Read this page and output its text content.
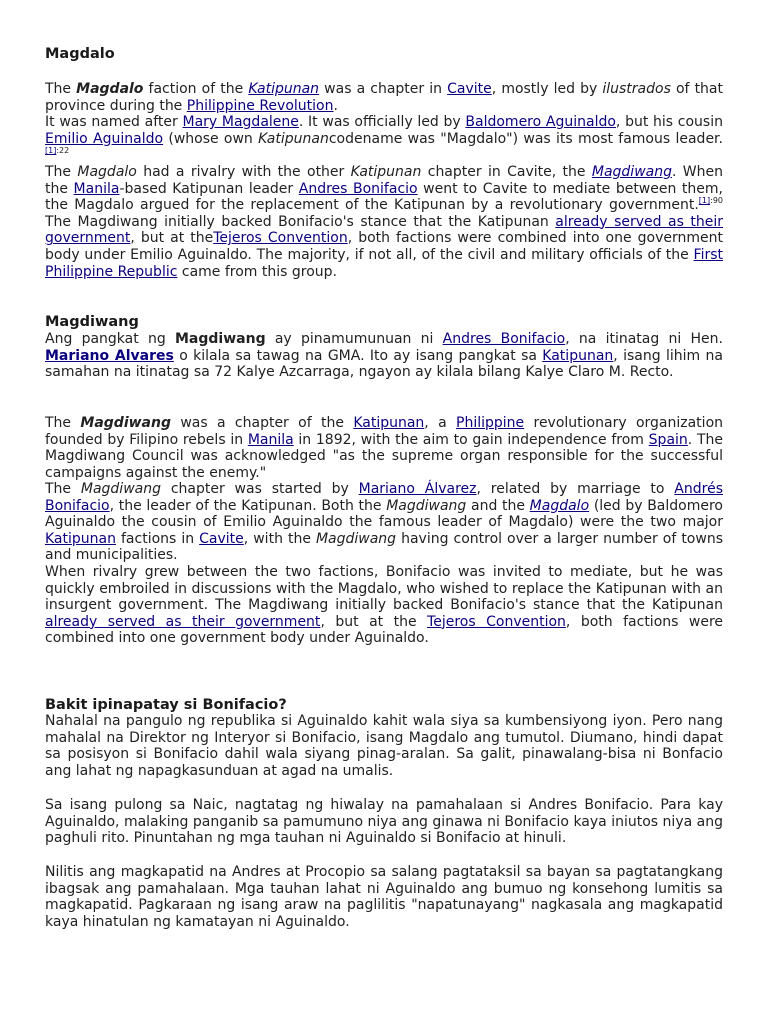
Magdalo

The Magdalo faction of the Katipunan was a chapter in Cavite, mostly led by ilustrados of that province during the Philippine Revolution.

It was named after Mary Magdalene. It was officially led by Baldomero Aguinaldo, but his cousin Emilio Aguinaldo (whose own Katipunancodename was "Magdalo") was its most famous leader.$^{[1]:22}$

The Magdalo had a rivalry with the other Katipunan chapter in Cavite, the Magdiwang. When the Manila-based Katipunan leader Andres Bonifacio went to Cavite to mediate between them, the Magdalo argued for the replacement of the Katipunan by a revolutionary government.$^{[1]:90}$ The Magdiwang initially backed Bonifacio's stance that the Katipunan already served as their government, but at theTejeros Convention, both factions were combined into one government body under Emilio Aguinaldo. The majority, if not all, of the civil and military officials of the First Philippine Republic came from this group.

Magdiwang

Ang pangkat ng Magdiwang ay pinamumunuan ni Andres Bonifacio, na itinatag ni Hen. Mariano Alvares o kilala sa tawag na GMA. Ito ay isang pangkat sa Katipunan, isang lihim na samahan na itinatag sa 72 Kalye Azcarraga, ngayon ay kilala bilang Kalye Claro M. Recto.

The Magdiwang was a chapter of the Katipunan, a Philippine revolutionary organization founded by Filipino rebels in Manila in 1892, with the aim to gain independence from Spain. The Magdiwang Council was acknowledged "as the supreme organ responsible for the successful campaigns against the enemy."

The Magdiwang chapter was started by Mariano Álvarez, related by marriage to Andrés Bonifacio, the leader of the Katipunan. Both the Magdiwang and the Magdalo (led by Baldomero Aguinaldo the cousin of Emilio Aguinaldo the famous leader of Magdalo) were the two major Katipunan factions in Cavite, with the Magdiwang having control over a larger number of towns and municipalities.

When rivalry grew between the two factions, Bonifacio was invited to mediate, but he was quickly embroiled in discussions with the Magdalo, who wished to replace the Katipunan with an insurgent government. The Magdiwang initially backed Bonifacio's stance that the Katipunan already served as their government, but at the Tejeros Convention, both factions were combined into one government body under Aguinaldo.

Bakit ipinapatay si Bonifacio?

Nahalal na pangulo ng republika si Aguinaldo kahit wala siya sa kumbensiyong iyon. Pero nang mahalal na Direktor ng Interyor si Bonifacio, isang Magdalo ang tumutol. Diumano, hindi dapat sa posisyon si Bonifacio dahil wala siyang pinag-aralan. Sa galit, pinawalang-bisa ni Bonfacio ang lahat ng napagkasunduan at agad na umalis.

Sa isang pulong sa Naic, nagtatag ng hiwalay na pamahalaan si Andres Bonifacio. Para kay Aguinaldo, malaking panganib sa pamumuno niya ang ginawa ni Bonifacio kaya iniutos niya ang paghuli rito. Pinuntahan ng mga tauhan ni Aguinaldo si Bonifacio at hinuli.

Nilitis ang magkapatid na Andres at Procopio sa salang pagtataksil sa bayan sa pagtatangkang ibagsak ang pamahalaan. Mga tauhan lahat ni Aguinaldo ang bumuo ng konsehong lumitis sa magkapatid. Pagkaraan ng isang araw na paglilitis "napatunayang" nagkasala ang magkapatid kaya hinatulan ng kamatayan ni Aguinaldo.
